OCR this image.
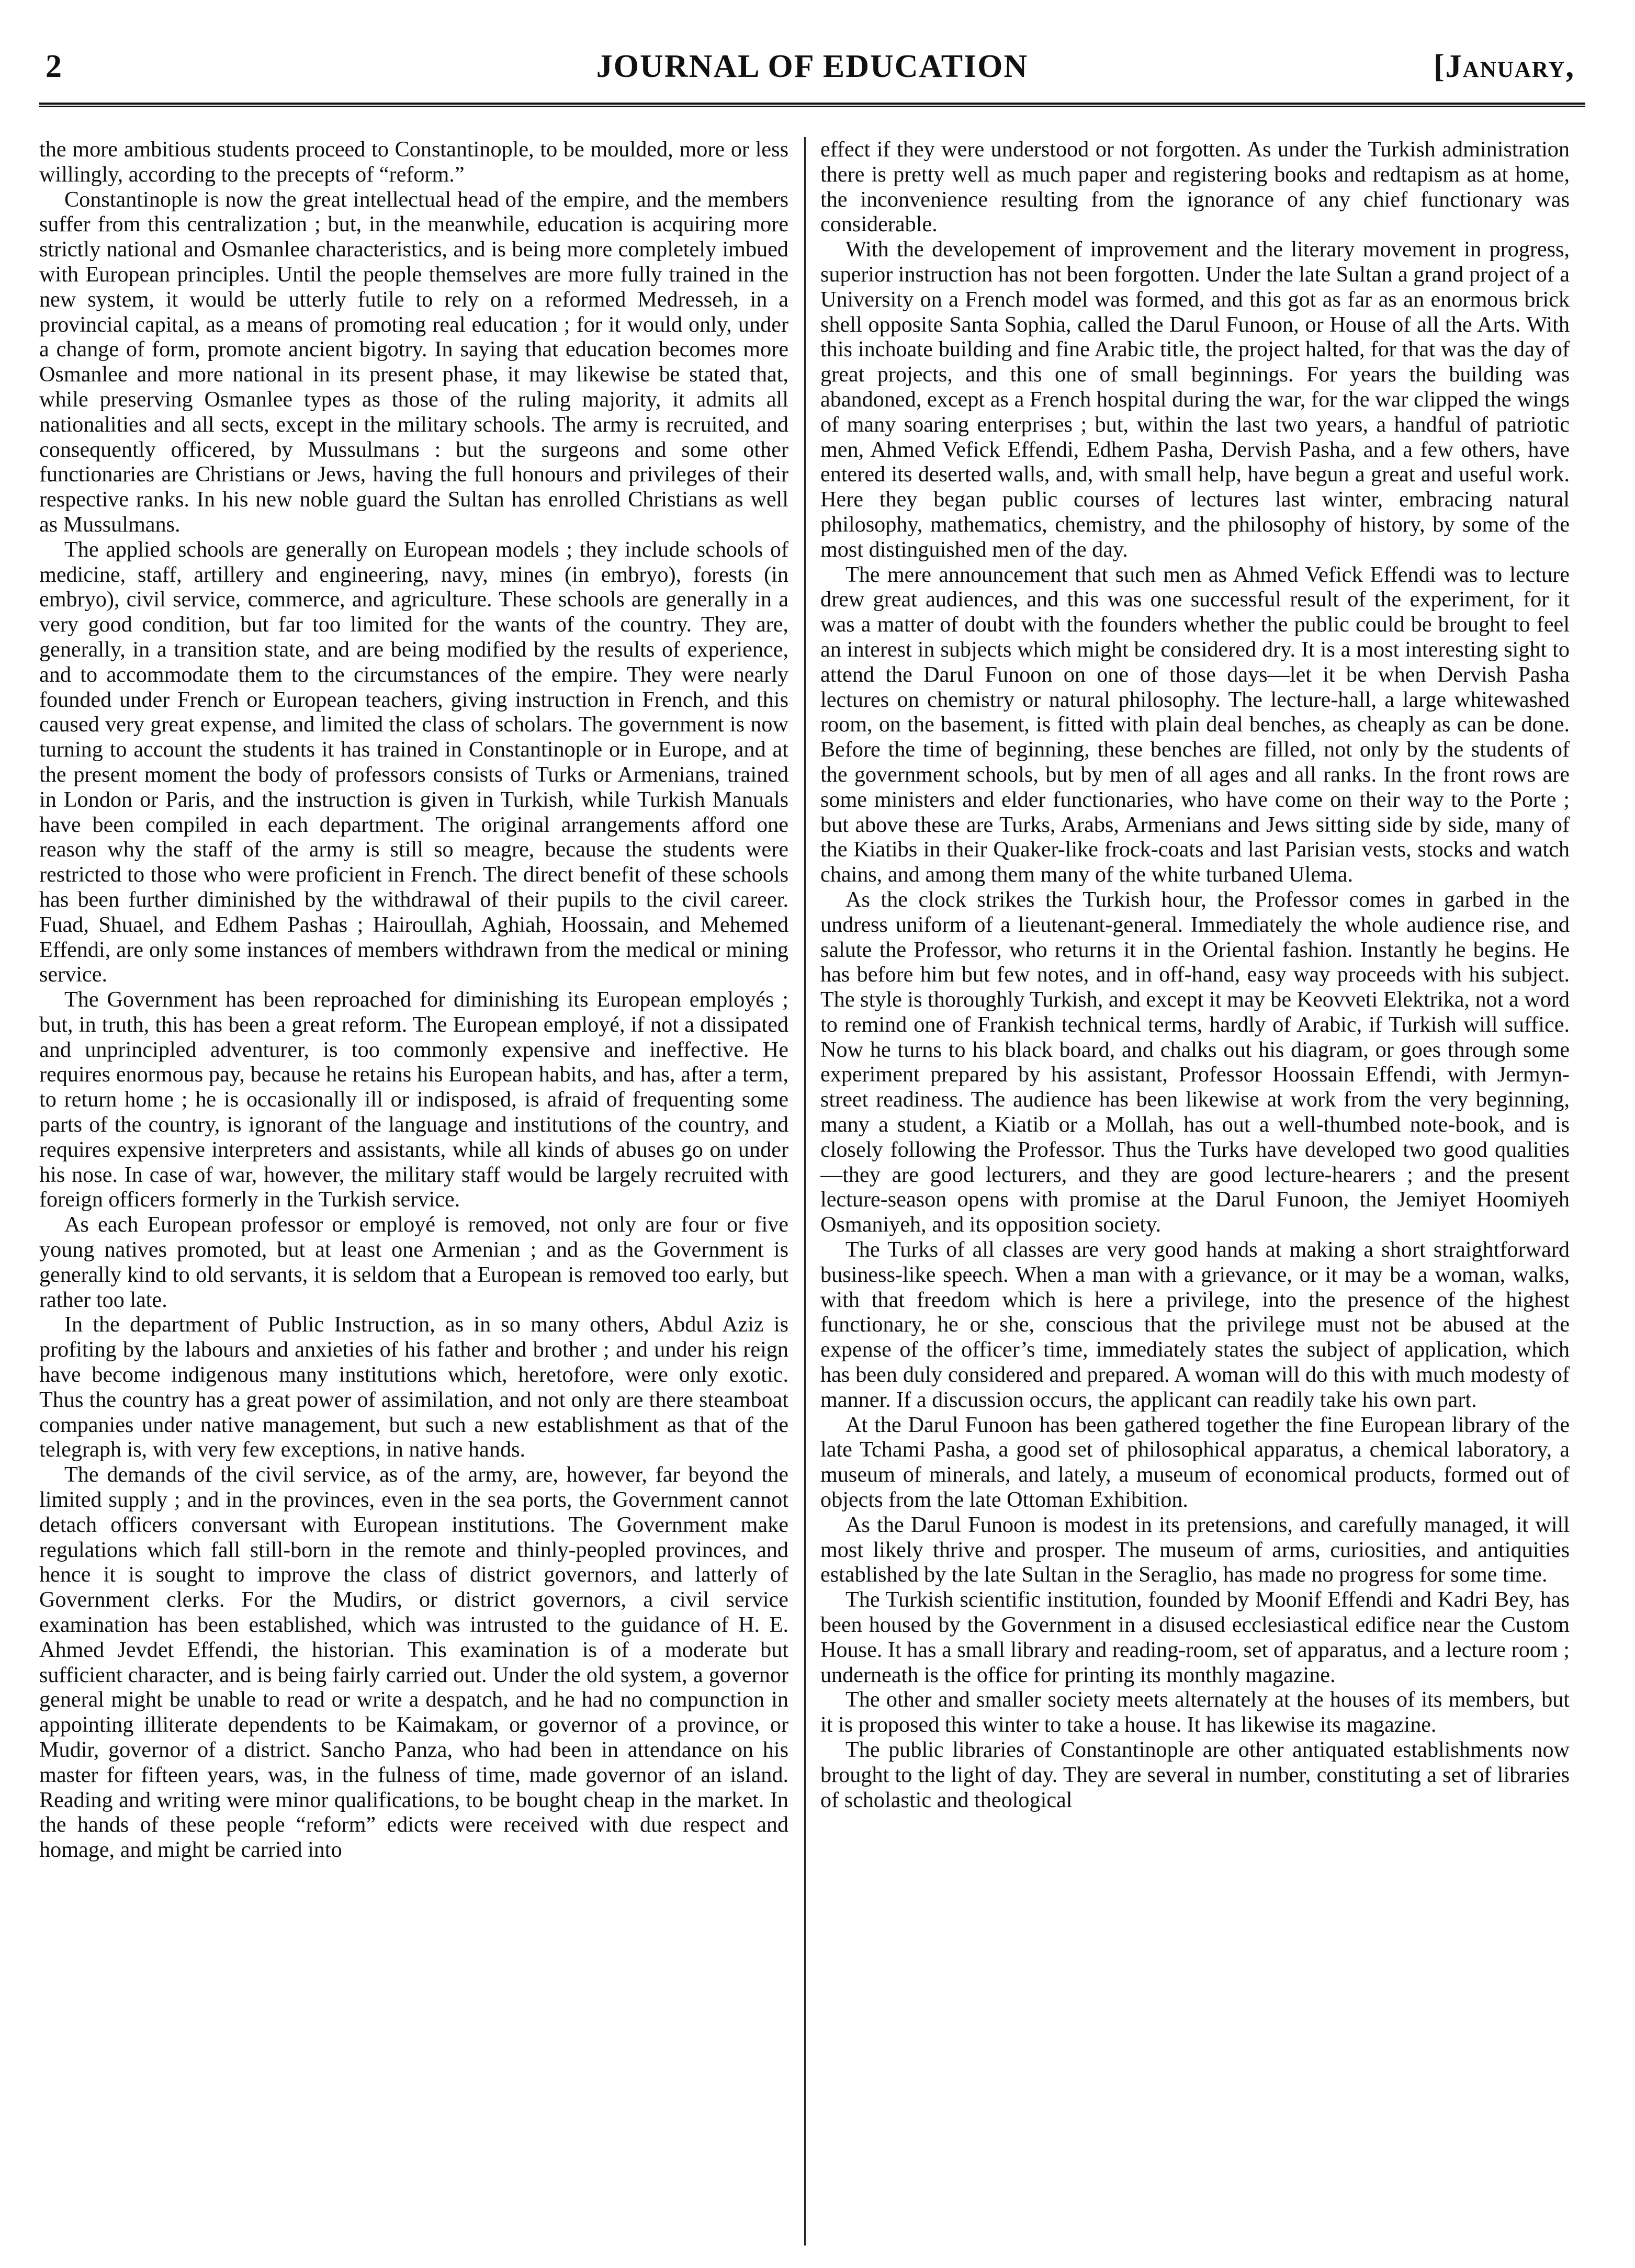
2	JOURNAL OF EDUCATION	[January,

the more ambitious students proceed to Constantinople, to be moulded, more or less willingly, according to the precepts of “reform.”

Constantinople is now the great intellectual head of the empire, and the members suffer from this centralization ; but, in the meanwhile, education is acquiring more strictly national and Osmanlee characteristics, and is being more completely imbued with European principles. Until the people themselves are more fully trained in the new system, it would be utterly futile to rely on a reformed Medresseh, in a provincial capital, as a means of promoting real education ; for it would only, under a change of form, promote ancient bigotry. In saying that education becomes more Osmanlee and more national in its present phase, it may likewise be stated that, while preserving Osmanlee types as those of the ruling majority, it admits all nationalities and all sects, except in the military schools. The army is recruited, and consequently officered, by Mussulmans : but the surgeons and some other functionaries are Christians or Jews, having the full honours and privileges of their respective ranks. In his new noble guard the Sultan has enrolled Christians as well as Mussulmans.

The applied schools are generally on European models ; they include schools of medicine, staff, artillery and engineering, navy, mines (in embryo), forests (in embryo), civil service, commerce, and agriculture. These schools are generally in a very good condition, but far too limited for the wants of the country. They are, generally, in a transition state, and are being modified by the results of experience, and to accommodate them to the circumstances of the empire. They were nearly founded under French or European teachers, giving instruction in French, and this caused very great expense, and limited the class of scholars. The government is now turning to account the students it has trained in Constantinople or in Europe, and at the present moment the body of professors consists of Turks or Armenians, trained in London or Paris, and the instruction is given in Turkish, while Turkish Manuals have been compiled in each department. The original arrangements afford one reason why the staff of the army is still so meagre, because the students were restricted to those who were proficient in French. The direct benefit of these schools has been further diminished by the withdrawal of their pupils to the civil career. Fuad, Shuael, and Edhem Pashas ; Hairoullah, Aghiah, Hoossain, and Mehemed Effendi, are only some instances of members withdrawn from the medical or mining service.

The Government has been reproached for diminishing its European employés ; but, in truth, this has been a great reform. The European employé, if not a dissipated and unprincipled adventurer, is too commonly expensive and ineffective. He requires enormous pay, because he retains his European habits, and has, after a term, to return home ; he is occasionally ill or indisposed, is afraid of frequenting some parts of the country, is ignorant of the language and institutions of the country, and requires expensive interpreters and assistants, while all kinds of abuses go on under his nose. In case of war, however, the military staff would be largely recruited with foreign officers formerly in the Turkish service.

As each European professor or employé is removed, not only are four or five young natives promoted, but at least one Armenian ; and as the Government is generally kind to old servants, it is seldom that a European is removed too early, but rather too late.

In the department of Public Instruction, as in so many others, Abdul Aziz is profiting by the labours and anxieties of his father and brother ; and under his reign have become indigenous many institutions which, heretofore, were only exotic. Thus the country has a great power of assimilation, and not only are there steamboat companies under native management, but such a new establishment as that of the telegraph is, with very few exceptions, in native hands.

The demands of the civil service, as of the army, are, however, far beyond the limited supply ; and in the provinces, even in the sea ports, the Government cannot detach officers conversant with European institutions. The Government make regulations which fall still-born in the remote and thinly-peopled provinces, and hence it is sought to improve the class of district governors, and latterly of Government clerks. For the Mudirs, or district governors, a civil service examination has been established, which was intrusted to the guidance of H. E. Ahmed Jevdet Effendi, the historian. This examination is of a moderate but sufficient character, and is being fairly carried out. Under the old system, a governor general might be unable to read or write a despatch, and he had no compunction in appointing illiterate dependents to be Kaimakam, or governor of a province, or Mudir, governor of a district. Sancho Panza, who had been in attendance on his master for fifteen years, was, in the fulness of time, made governor of an island. Reading and writing were minor qualifications, to be bought cheap in the market. In the hands of these people “reform” edicts were received with due respect and homage, and might be carried into

effect if they were understood or not forgotten. As under the Turkish administration there is pretty well as much paper and registering books and redtapism as at home, the inconvenience resulting from the ignorance of any chief functionary was considerable.

With the developement of improvement and the literary movement in progress, superior instruction has not been forgotten. Under the late Sultan a grand project of a University on a French model was formed, and this got as far as an enormous brick shell opposite Santa Sophia, called the Darul Funoon, or House of all the Arts. With this inchoate building and fine Arabic title, the project halted, for that was the day of great projects, and this one of small beginnings. For years the building was abandoned, except as a French hospital during the war, for the war clipped the wings of many soaring enterprises ; but, within the last two years, a handful of patriotic men, Ahmed Vefick Effendi, Edhem Pasha, Dervish Pasha, and a few others, have entered its deserted walls, and, with small help, have begun a great and useful work. Here they began public courses of lectures last winter, embracing natural philosophy, mathematics, chemistry, and the philosophy of history, by some of the most distinguished men of the day.

The mere announcement that such men as Ahmed Vefick Effendi was to lecture drew great audiences, and this was one successful result of the experiment, for it was a matter of doubt with the founders whether the public could be brought to feel an interest in subjects which might be considered dry. It is a most interesting sight to attend the Darul Funoon on one of those days—let it be when Dervish Pasha lectures on chemistry or natural philosophy. The lecture-hall, a large whitewashed room, on the basement, is fitted with plain deal benches, as cheaply as can be done. Before the time of beginning, these benches are filled, not only by the students of the government schools, but by men of all ages and all ranks. In the front rows are some ministers and elder functionaries, who have come on their way to the Porte ; but above these are Turks, Arabs, Armenians and Jews sitting side by side, many of the Kiatibs in their Quaker-like frock-coats and last Parisian vests, stocks and watch chains, and among them many of the white turbaned Ulema.

As the clock strikes the Turkish hour, the Professor comes in garbed in the undress uniform of a lieutenant-general. Immediately the whole audience rise, and salute the Professor, who returns it in the Oriental fashion. Instantly he begins. He has before him but few notes, and in off-hand, easy way proceeds with his subject. The style is thoroughly Turkish, and except it may be Keovveti Elektrika, not a word to remind one of Frankish technical terms, hardly of Arabic, if Turkish will suffice. Now he turns to his black board, and chalks out his diagram, or goes through some experiment prepared by his assistant, Professor Hoossain Effendi, with Jermyn-street readiness. The audience has been likewise at work from the very beginning, many a student, a Kiatib or a Mollah, has out a well-thumbed note-book, and is closely following the Professor. Thus the Turks have developed two good qualities—they are good lecturers, and they are good lecture-hearers ; and the present lecture-season opens with promise at the Darul Funoon, the Jemiyet Hoomiyeh Osmaniyeh, and its opposition society.

The Turks of all classes are very good hands at making a short straightforward business-like speech. When a man with a grievance, or it may be a woman, walks, with that freedom which is here a privilege, into the presence of the highest functionary, he or she, conscious that the privilege must not be abused at the expense of the officer’s time, immediately states the subject of application, which has been duly considered and prepared. A woman will do this with much modesty of manner. If a discussion occurs, the applicant can readily take his own part.

At the Darul Funoon has been gathered together the fine European library of the late Tchami Pasha, a good set of philosophical apparatus, a chemical laboratory, a museum of minerals, and lately, a museum of economical products, formed out of objects from the late Ottoman Exhibition.

As the Darul Funoon is modest in its pretensions, and carefully managed, it will most likely thrive and prosper. The museum of arms, curiosities, and antiquities established by the late Sultan in the Seraglio, has made no progress for some time.

The Turkish scientific institution, founded by Moonif Effendi and Kadri Bey, has been housed by the Government in a disused ecclesiastical edifice near the Custom House. It has a small library and reading-room, set of apparatus, and a lecture room ; underneath is the office for printing its monthly magazine.

The other and smaller society meets alternately at the houses of its members, but it is proposed this winter to take a house. It has likewise its magazine.

The public libraries of Constantinople are other antiquated establishments now brought to the light of day. They are several in number, constituting a set of libraries of scholastic and theological
